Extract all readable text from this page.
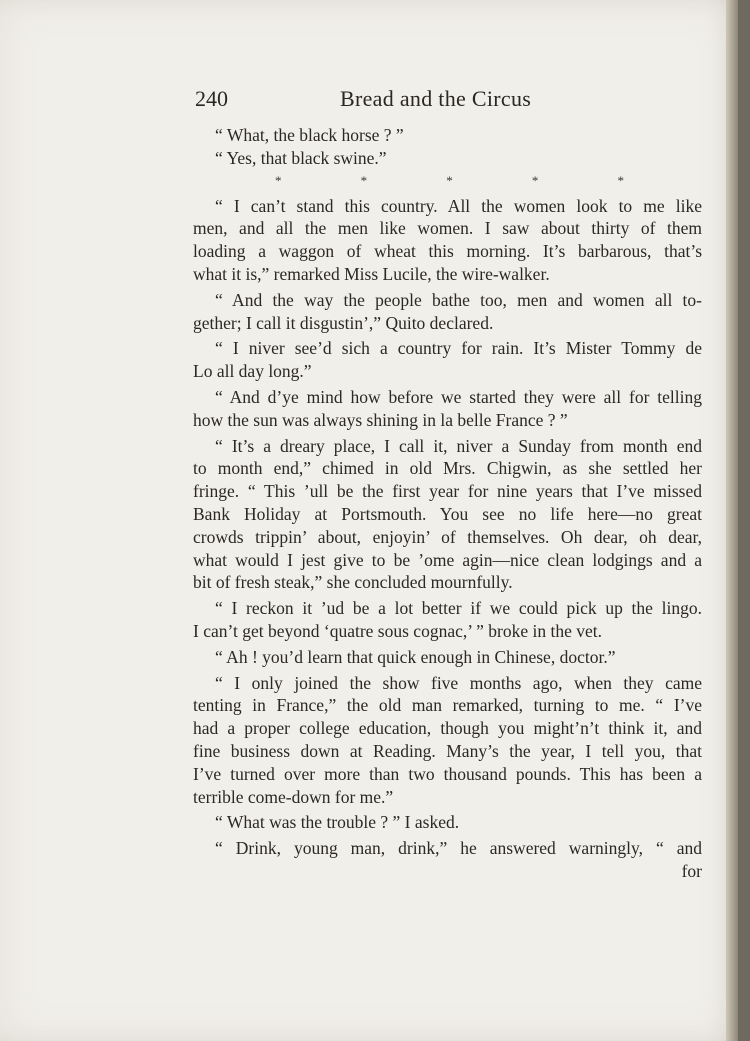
240	Bread and the Circus
“ What, the black horse ? ”
“ Yes, that black swine.”
*	*	*	*	*
“ I can’t stand this country. All the women look to me like
men, and all the men like women. I saw about thirty of them
loading a waggon of wheat this morning. It’s barbarous, that’s
what it is,” remarked Miss Lucile, the wire-walker.
“ And the way the people bathe too, men and women all to-
gether; I call it disgustin’,” Quito declared.
“ I niver see’d sich a country for rain. It’s Mister Tommy de
Lo all day long.”
“ And d’ye mind how before we started they were all for telling
how the sun was always shining in la belle France ? ”
“ It’s a dreary place, I call it, niver a Sunday from month end
to month end,” chimed in old Mrs. Chigwin, as she settled her
fringe. “ This ’ull be the first year for nine years that I’ve missed
Bank Holiday at Portsmouth. You see no life here—no great
crowds trippin’ about, enjoyin’ of themselves. Oh dear, oh dear,
what would I jest give to be ’ome agin—nice clean lodgings and a
bit of fresh steak,” she concluded mournfully.
“ I reckon it ’ud be a lot better if we could pick up the lingo.
I can’t get beyond ‘quatre sous cognac,’ ” broke in the vet.
“ Ah ! you’d learn that quick enough in Chinese, doctor.”
“ I only joined the show five months ago, when they came
tenting in France,” the old man remarked, turning to me. “ I’ve
had a proper college education, though you might’n’t think it, and
fine business down at Reading. Many’s the year, I tell you, that
I’ve turned over more than two thousand pounds. This has been a
terrible come-down for me.”
“ What was the trouble ? ” I asked.
“ Drink, young man, drink,” he answered warningly, “ and
for
